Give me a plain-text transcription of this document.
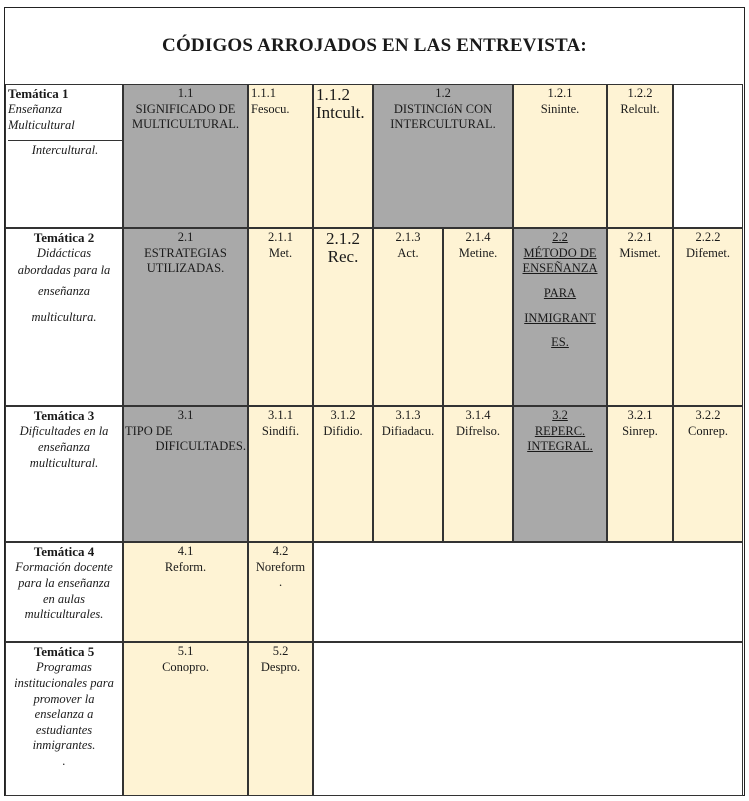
CÓDIGOS ARROJADOS EN LAS ENTREVISTA:
Temática 1
Enseñanza
Multicultural
Intercultural.
1.1
SIGNIFICADO DE
MULTICULTURAL.
1.1.1
Fesocu.
1.1.2
Intcult.
1.2
DISTINCIóN CON
INTERCULTURAL.
1.2.1
Sininte.
1.2.2
Relcult.
Temática 2
Didácticas
abordadas para la
enseñanza
multicultura.
2.1
ESTRATEGIAS
UTILIZADAS.
2.1.1
Met.
2.1.2
Rec.
2.1.3
Act.
2.1.4
Metine.
2.2
MÉTODO DE
ENSEÑANZA
PARA
INMIGRANT
ES.
2.2.1
Mismet.
2.2.2
Difemet.
Temática 3
Dificultades en la
enseñanza
multicultural.
3.1
TIPO DE
DIFICULTADES.
3.1.1
Sindifi.
3.1.2
Difidio.
3.1.3
Difiadacu.
3.1.4
Difrelso.
3.2
REPERC.
INTEGRAL.
3.2.1
Sinrep.
3.2.2
Conrep.
Temática 4
Formación docente
para la enseñanza
en aulas
multiculturales.
4.1
Reform.
4.2
Noreform
.
Temática 5
Programas
institucionales para
promover la
enselanza a
estudiantes
inmigrantes.
.
5.1
Conopro.
5.2
Despro.
